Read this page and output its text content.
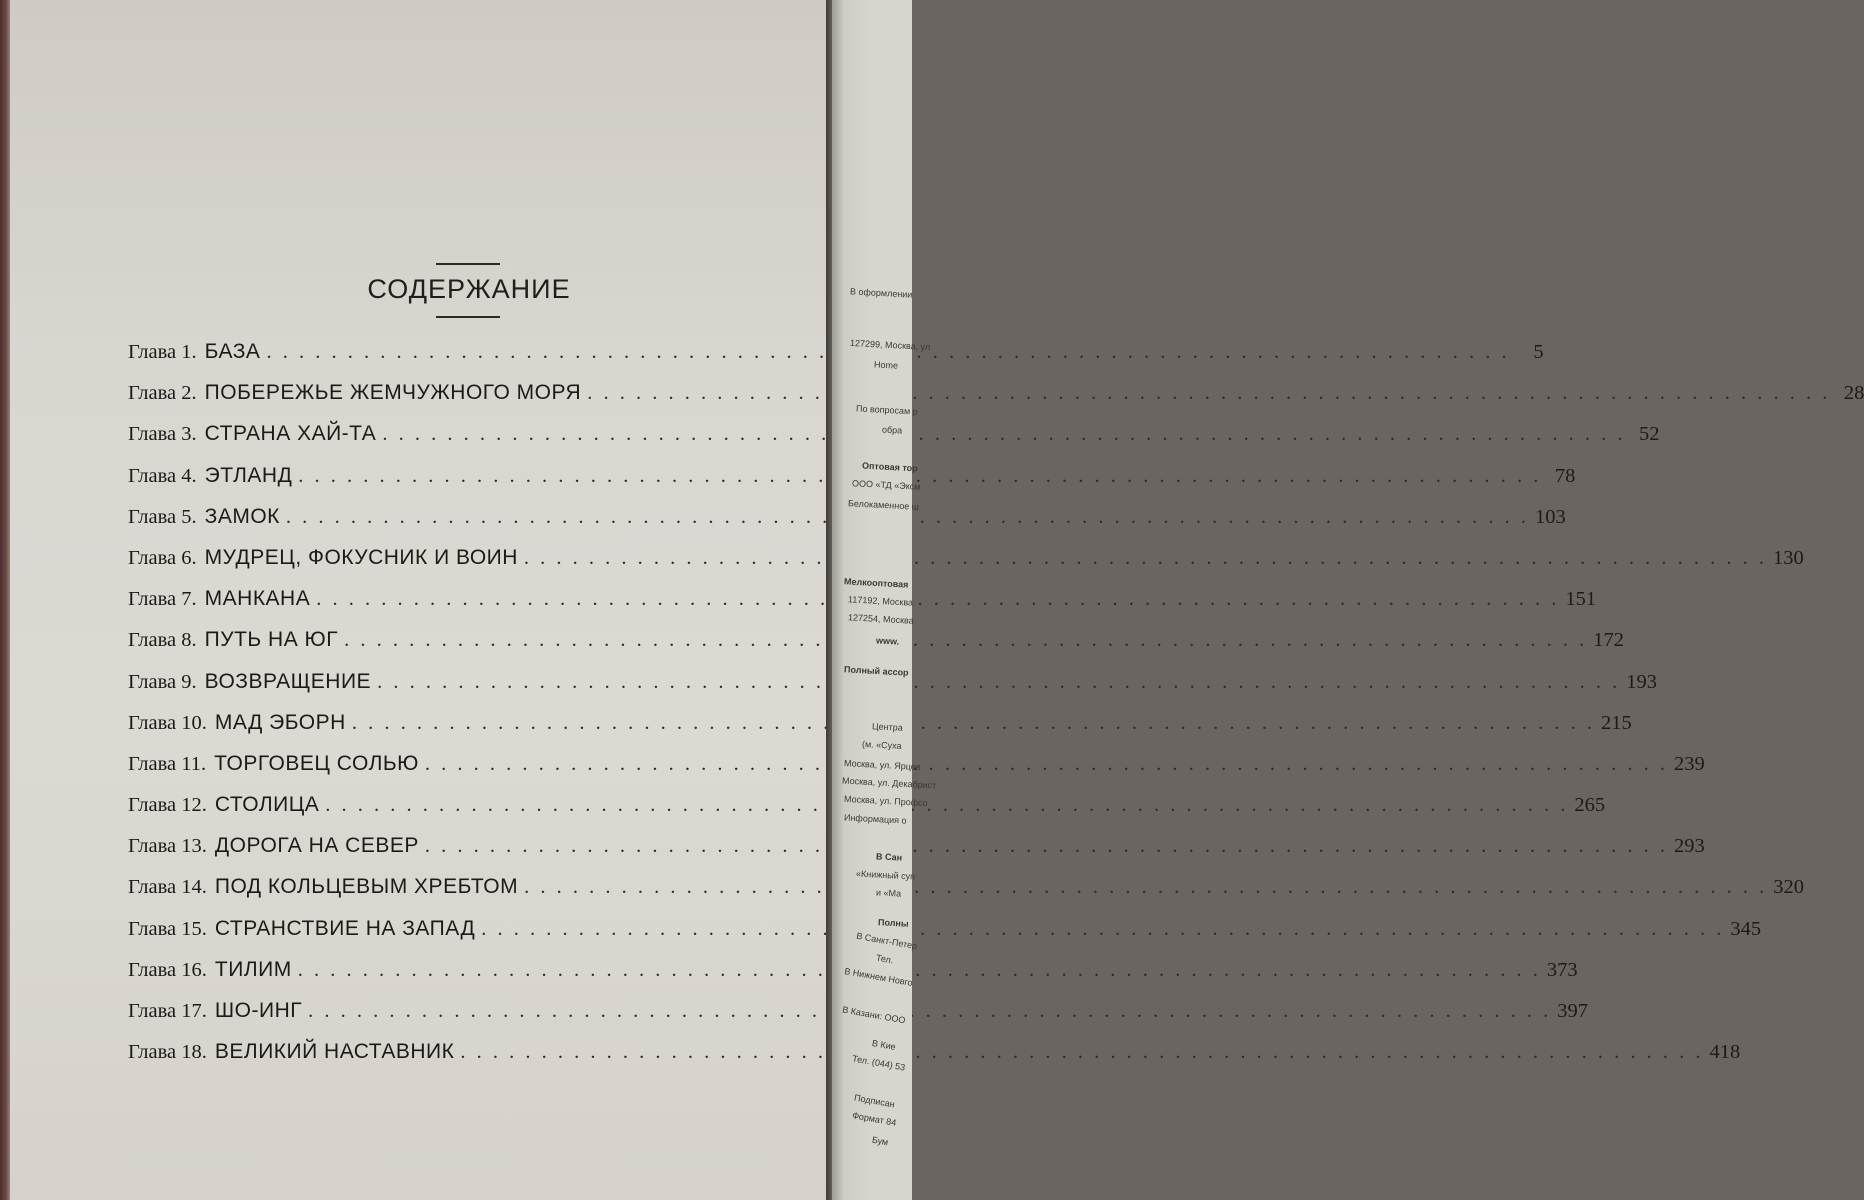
СОДЕРЖАНИЕ
Глава 1. БАЗА . . .	5
Глава 2. ПОБЕРЕЖЬЕ ЖЕМЧУЖНОГО МОРЯ . . .	28
Глава 3. СТРАНА ХАЙ-ТА . . .	52
Глава 4. ЭТЛАНД . . .	78
Глава 5. ЗАМОК . . .	103
Глава 6. МУДРЕЦ, ФОКУСНИК И ВОИН . . .	130
Глава 7. МАНКАНА . . .	151
Глава 8. ПУТЬ НА ЮГ . . .	172
Глава 9. ВОЗВРАЩЕНИЕ . . .	193
Глава 10. МАД ЭБОРН . . .	215
Глава 11. ТОРГОВЕЦ СОЛЬЮ . . .	239
Глава 12. СТОЛИЦА . . .	265
Глава 13. ДОРОГА НА СЕВЕР . . .	293
Глава 14. ПОД КОЛЬЦЕВЫМ ХРЕБТОМ . . .	320
Глава 15. СТРАНСТВИЕ НА ЗАПАД . . .	345
Глава 16. ТИЛИМ . . .	373
Глава 17. ШО-ИНГ . . .	397
Глава 18. ВЕЛИКИЙ НАСТАВНИК . . .	418
В оформлении
127299, Москва, ул
Home
По вопросам р
обра
Оптовая тор
ООО «ТД «Эксм
Белокаменное ш
Мелкооптовая
117192, Москва
127254, Москва
www.
Полный ассор
Центра
(м. «Суха
Москва, ул. Ярцев
Москва, ул. Декабрист
Москва, ул. Профсо
Информация о
В Сан
«Книжный суп
и «Ма
Полны
В Санкт-Петер
Тел.
В Нижнем Новго
В Казани: ООО
В Кие
Тел. (044) 53
Подписан
Формат 84
Бум
